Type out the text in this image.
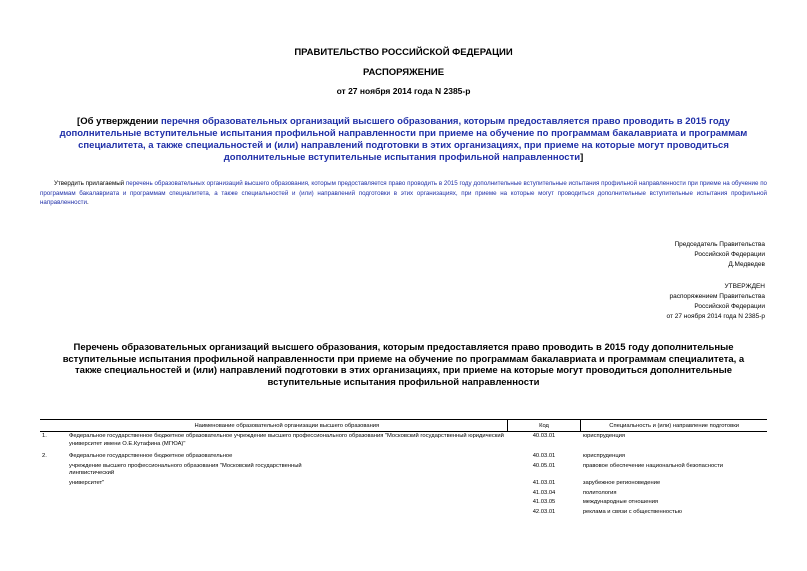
ПРАВИТЕЛЬСТВО РОССИЙСКОЙ ФЕДЕРАЦИИ
РАСПОРЯЖЕНИЕ
от 27 ноября 2014 года N 2385-р
[Об утверждении перечня образовательных организаций высшего образования, которым предоставляется право проводить в 2015 году дополнительные вступительные испытания профильной направленности при приеме на обучение по программам бакалавриата и программам специалитета, а также специальностей и (или) направлений подготовки в этих организациях, при приеме на которые могут проводиться дополнительные вступительные испытания профильной направленности]
Утвердить прилагаемый перечень образовательных организаций высшего образования, которым предоставляется право проводить в 2015 году дополнительные вступительные испытания профильной направленности при приеме на обучение по программам бакалавриата и программам специалитета, а также специальностей и (или) направлений подготовки в этих организациях, при приеме на которые могут проводиться дополнительные вступительные испытания профильной направленности.
Председатель Правительства
Российской Федерации
Д.Медведев
УТВЕРЖДЕН
распоряжением Правительства
Российской Федерации
от 27 ноября 2014 года N 2385-р
Перечень образовательных организаций высшего образования, которым предоставляется право проводить в 2015 году дополнительные вступительные испытания профильной направленности при приеме на обучение по программам бакалавриата и программам специалитета, а также специальностей и (или) направлений подготовки в этих организациях, при приеме на которые могут проводиться дополнительные вступительные испытания профильной направленности
	Наименование образовательной организации высшего образования	Код	Специальность и (или) направление подготовки
1.	Федеральное государственное бюджетное образовательное учреждение высшего профессионального образования "Московский государственный юридический университет имени О.Е.Кутафина (МГЮА)"	40.03.01	юриспруденция
2.	Федеральное государственное бюджетное образовательное	40.03.01	юриспруденция
	учреждение высшего профессионального образования "Московский государственный лингвистический	40.05.01	правовое обеспечение национальной безопасности
	университет"	41.03.01	зарубежное регионоведение
		41.03.04	политология
		41.03.05	международные отношения
		42.03.01	реклама и связи с общественностью
